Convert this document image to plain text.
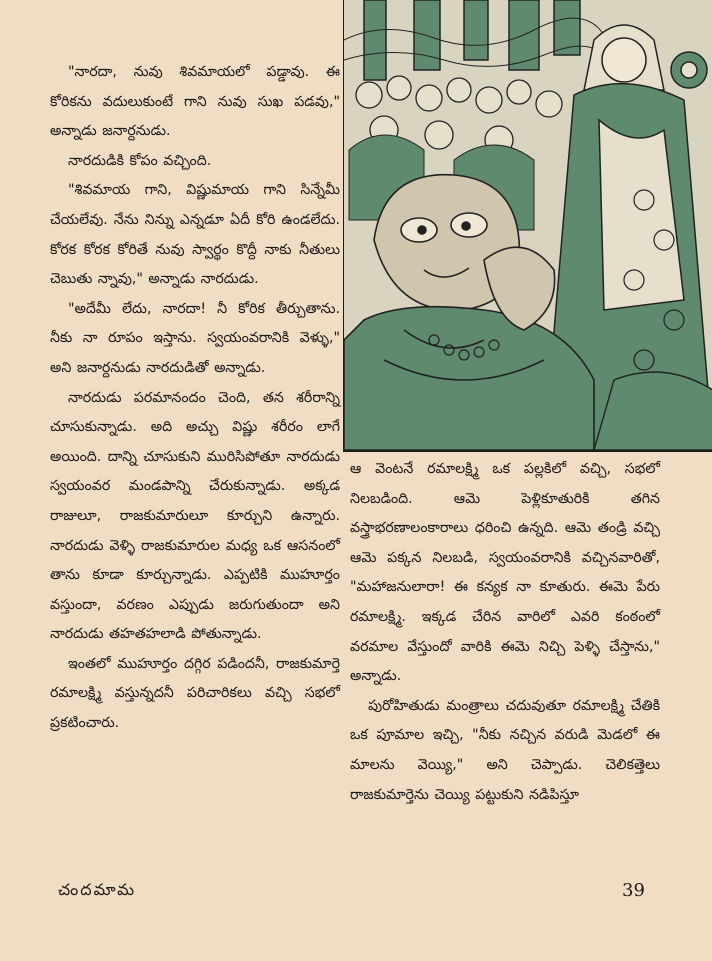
"నారదా, నువు శివమాయలో పడ్డావు. ఈ కోరికను వదులుకుంటే గాని నువు సుఖ పడవు," అన్నాడు జనార్దనుడు.

నారదుడికి కోపం వచ్చింది.

"శివమాయ గాని, విష్ణుమాయ గాని సిన్నేమీ చేయలేవు. నేను నిన్ను ఎన్నడూ ఏదీ కోరి ఉండలేదు. కోరక కోరక కోరితే నువు స్వార్థం కొద్దీ నాకు నీతులు చెబుతు న్నావు," అన్నాడు నారదుడు.

"అదేమీ లేదు, నారదా! నీ కోరిక తీర్చుతాను. నీకు నా రూపం ఇస్తాను. స్వయంవరానికి వెళ్ళు," అని జనార్దనుడు నారదుడితో అన్నాడు.

నారదుడు పరమానందం చెంది, తన శరీరాన్ని చూసుకున్నాడు. అది అచ్చు విష్ణు శరీరం లాగే అయింది. దాన్ని చూసుకుని మురిసిపోతూ నారదుడు స్వయంవర మండపాన్ని చేరుకున్నాడు. అక్కడ రాజులూ, రాజకుమారులూ కూర్చుని ఉన్నారు. నారదుడు వెళ్ళి రాజకుమారుల మధ్య ఒక ఆసనంలో తాను కూడా కూర్చున్నాడు. ఎప్పటికి ముహూర్తం వస్తుందా, వరణం ఎప్పుడు జరుగుతుందా అని నారదుడు తహతహలాడి పోతున్నాడు.

ఇంతలో ముహూర్తం దగ్గిర పడిందనీ, రాజకుమార్తె రమాలక్ష్మి వస్తున్నదనీ పరిచారికలు వచ్చి సభలో ప్రకటించారు.

ఆ వెంటనే రమాలక్ష్మి ఒక పల్లకిలో వచ్చి, సభలో నిలబడింది. ఆమె పెళ్లికూతురికి తగిన వస్త్రాభరణాలంకారాలు ధరించి ఉన్నది. ఆమె తండ్రి వచ్చి ఆమె పక్కన నిలబడి, స్వయంవరానికి వచ్చినవారితో, "మహాజనులారా! ఈ కన్యక నా కూతురు. ఈమె పేరు రమాలక్ష్మి. ఇక్కడ చేరిన వారిలో ఎవరి కంఠంలో వరమాల వేస్తుందో వారికి ఈమె నిచ్చి పెళ్ళి చేస్తాను," అన్నాడు.

పురోహితుడు మంత్రాలు చదువుతూ రమాలక్ష్మి చేతికి ఒక పూమాల ఇచ్చి, "నీకు నచ్చిన వరుడి మెడలో ఈ మాలను వెయ్యి," అని చెప్పాడు. చెలికత్తెలు రాజకుమార్తెను చెయ్యి పట్టుకుని నడిపిస్తూ

చందమామ	39
